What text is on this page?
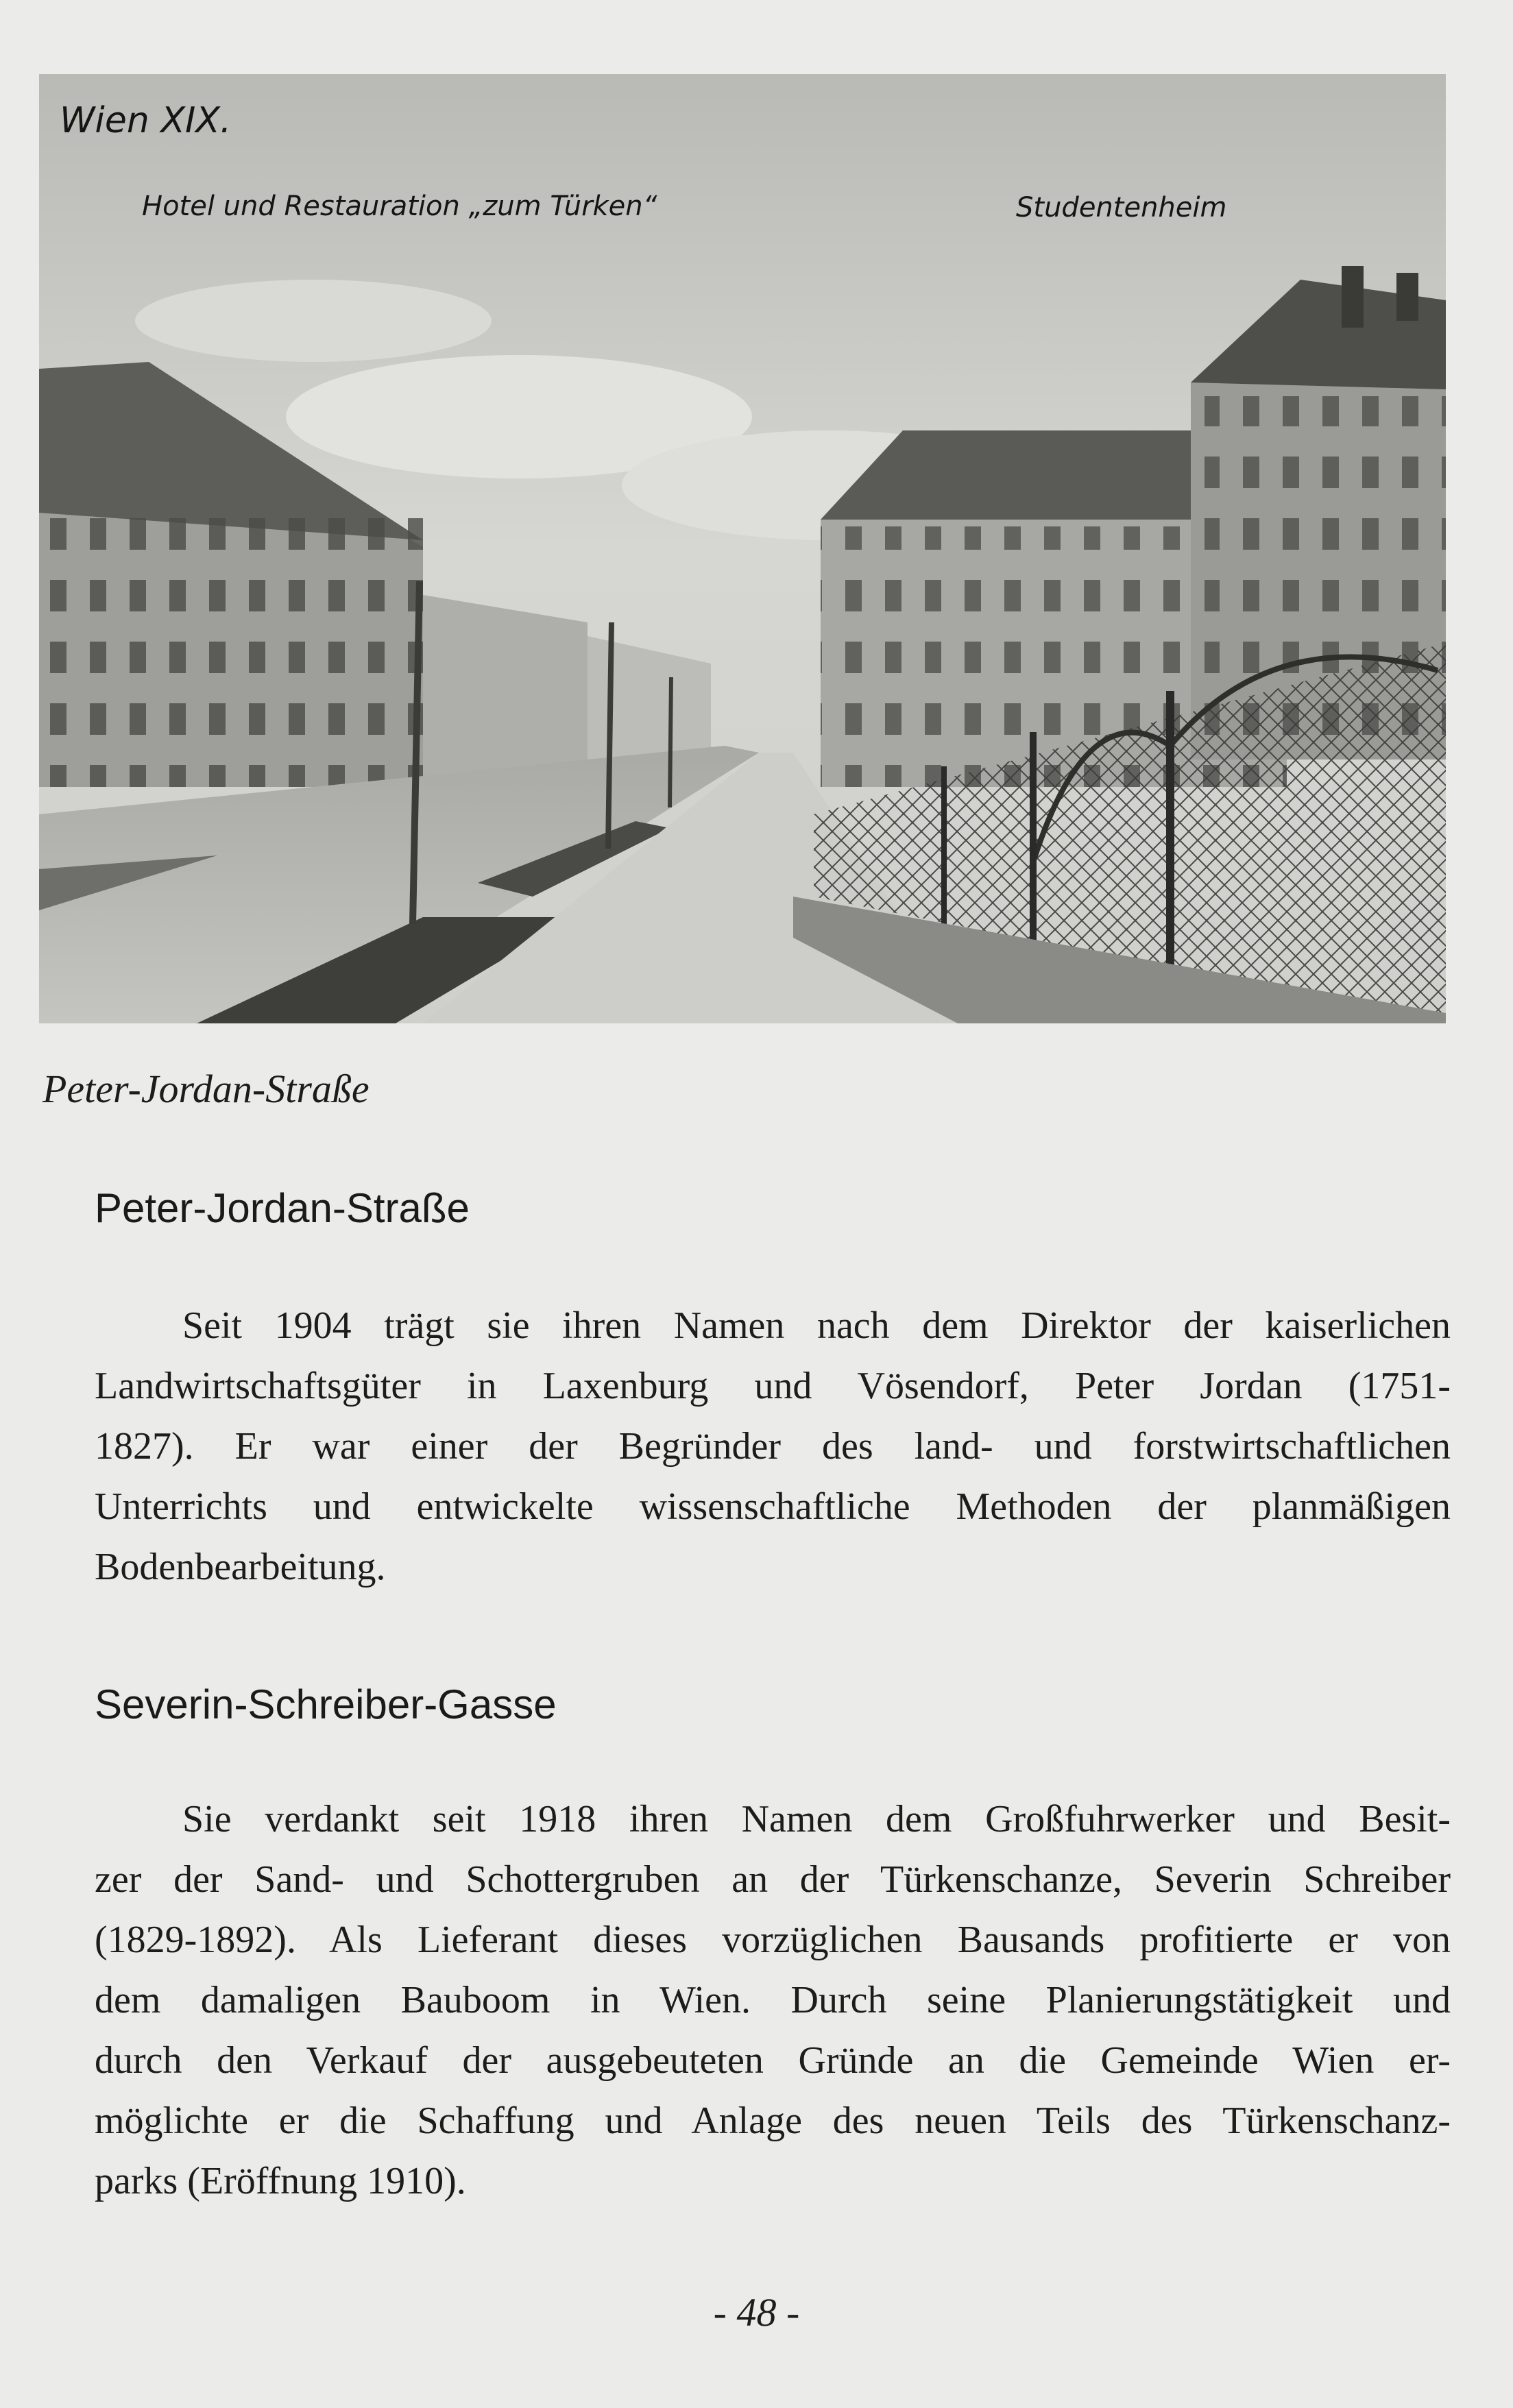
Wien XIX.
Hotel und Restauration „zum Türken“	Studentenheim
Peter-Jordan-Straße
Peter-Jordan-Straße

Seit 1904 trägt sie ihren Namen nach dem Direktor der kaiserlichen
Landwirtschaftsgüter in Laxenburg und Vösendorf, Peter Jordan (1751-
1827). Er war einer der Begründer des land- und forstwirtschaftlichen
Unterrichts und entwickelte wissenschaftliche Methoden der planmäßigen
Bodenbearbeitung.

Severin-Schreiber-Gasse

Sie verdankt seit 1918 ihren Namen dem Großfuhrwerker und Besit-
zer der Sand- und Schottergruben an der Türkenschanze, Severin Schreiber
(1829-1892). Als Lieferant dieses vorzüglichen Bausands profitierte er von
dem damaligen Bauboom in Wien. Durch seine Planierungstätigkeit und
durch den Verkauf der ausgebeuteten Gründe an die Gemeinde Wien er-
möglichte er die Schaffung und Anlage des neuen Teils des Türkenschanz-
parks (Eröffnung 1910).

- 48 -
